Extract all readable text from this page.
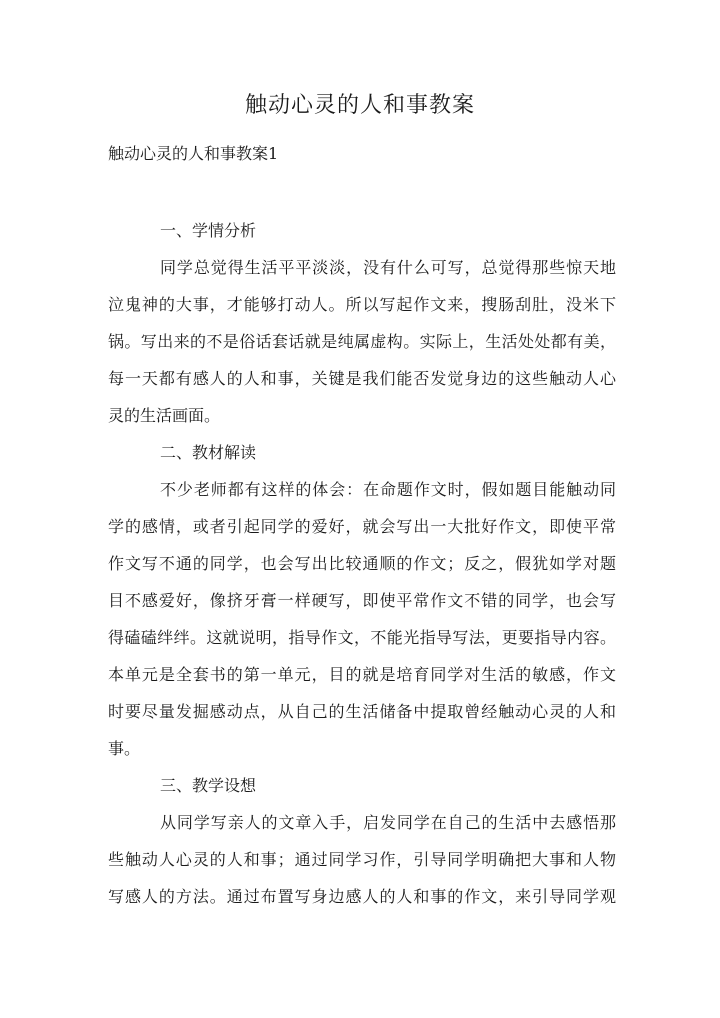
触动心灵的人和事教案
触动心灵的人和事教案1
一、学情分析
同学总觉得生活平平淡淡，没有什么可写，总觉得那些惊天地
泣鬼神的大事，才能够打动人。所以写起作文来，搜肠刮肚，没米下
锅。写出来的不是俗话套话就是纯属虚构。实际上，生活处处都有美，
每一天都有感人的人和事，关键是我们能否发觉身边的这些触动人心
灵的生活画面。
二、教材解读
不少老师都有这样的体会：在命题作文时，假如题目能触动同
学的感情，或者引起同学的爱好，就会写出一大批好作文，即使平常
作文写不通的同学，也会写出比较通顺的作文；反之，假犹如学对题
目不感爱好，像挤牙膏一样硬写，即使平常作文不错的同学，也会写
得磕磕绊绊。这就说明，指导作文，不能光指导写法，更要指导内容。
本单元是全套书的第一单元，目的就是培育同学对生活的敏感，作文
时要尽量发掘感动点，从自己的生活储备中提取曾经触动心灵的人和
事。
三、教学设想
从同学写亲人的文章入手，启发同学在自己的生活中去感悟那
些触动人心灵的人和事；通过同学习作，引导同学明确把大事和人物
写感人的方法。通过布置写身边感人的人和事的作文，来引导同学观
